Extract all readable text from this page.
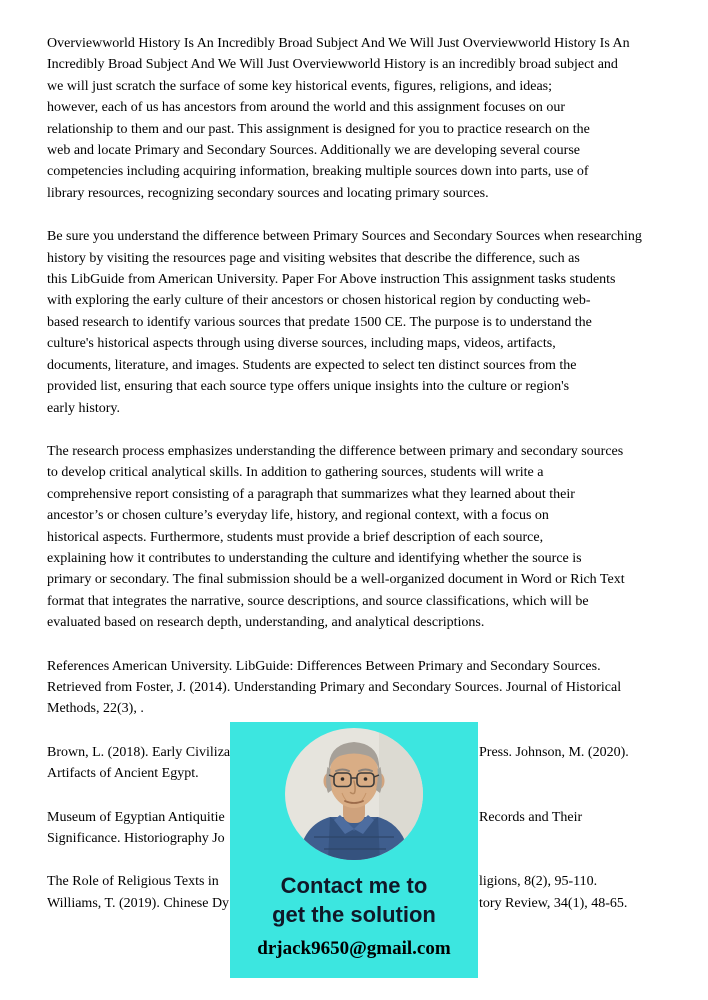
Overviewworld History Is An Incredibly Broad Subject And We Will Just Overviewworld History Is An
Incredibly Broad Subject And We Will Just Overviewworld History is an incredibly broad subject and
we will just scratch the surface of some key historical events, figures, religions, and ideas;
however, each of us has ancestors from around the world and this assignment focuses on our
relationship to them and our past. This assignment is designed for you to practice research on the
web and locate Primary and Secondary Sources. Additionally we are developing several course
competencies including acquiring information, breaking multiple sources down into parts, use of
library resources, recognizing secondary sources and locating primary sources.

Be sure you understand the difference between Primary Sources and Secondary Sources when researching
history by visiting the resources page and visiting websites that describe the difference, such as
this LibGuide from American University. Paper For Above instruction This assignment tasks students
with exploring the early culture of their ancestors or chosen historical region by conducting web-
based research to identify various sources that predate 1500 CE. The purpose is to understand the
culture's historical aspects through using diverse sources, including maps, videos, artifacts,
documents, literature, and images. Students are expected to select ten distinct sources from the
provided list, ensuring that each source type offers unique insights into the culture or region's
early history.

The research process emphasizes understanding the difference between primary and secondary sources
to develop critical analytical skills. In addition to gathering sources, students will write a
comprehensive report consisting of a paragraph that summarizes what they learned about their
ancestor’s or chosen culture’s everyday life, history, and regional context, with a focus on
historical aspects. Furthermore, students must provide a brief description of each source,
explaining how it contributes to understanding the culture and identifying whether the source is
primary or secondary. The final submission should be a well-organized document in Word or Rich Text
format that integrates the narrative, source descriptions, and source classifications, which will be
evaluated based on research depth, understanding, and analytical descriptions.

References American University. LibGuide: Differences Between Primary and Secondary Sources.
Retrieved from Foster, J. (2014). Understanding Primary and Secondary Sources. Journal of Historical
Methods, 22(3), .

Brown, L. (2018). Early Civiliza	Press. Johnson, M. (2020).
Artifacts of Ancient Egypt.

Museum of Egyptian Antiquitie	Records and Their
Significance. Historiography Jo

The Role of Religious Texts in	ligions, 8(2), 95-110.
Williams, T. (2019). Chinese Dy	tory Review, 34(1), 48-65.

Contact me to
get the solution
drjack9650@gmail.com
